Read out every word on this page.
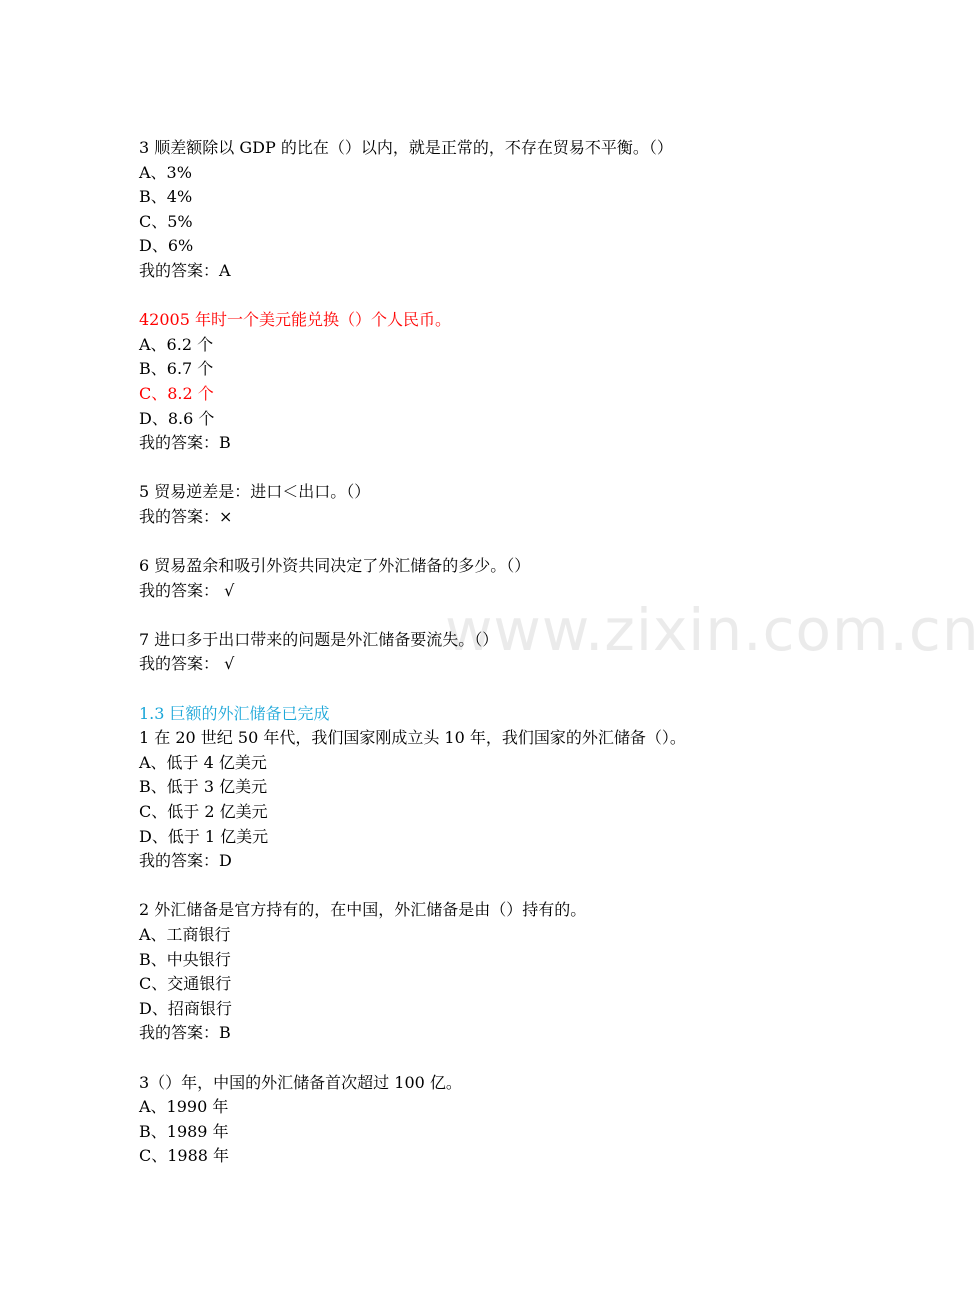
www.zixin.com.cn
3 顺差额除以 GDP 的比在（）以内，就是正常的，不存在贸易不平衡。（）
A、3%
B、4%
C、5%
D、6%
我的答案：A
42005 年时一个美元能兑换（）个人民币。
A、6.2 个
B、6.7 个
C、8.2 个
D、8.6 个
我的答案：B
5 贸易逆差是：进口＜出口。（）
我的答案：×
6 贸易盈余和吸引外资共同决定了外汇储备的多少。（）
我的答案： √
7 进口多于出口带来的问题是外汇储备要流失。（）
我的答案： √
1.3 巨额的外汇储备已完成
1 在 20 世纪 50 年代，我们国家刚成立头 10 年，我们国家的外汇储备（）。
A、低于 4 亿美元
B、低于 3 亿美元
C、低于 2 亿美元
D、低于 1 亿美元
我的答案：D
2 外汇储备是官方持有的，在中国，外汇储备是由（）持有的。
A、工商银行
B、中央银行
C、交通银行
D、招商银行
我的答案：B
3（）年，中国的外汇储备首次超过 100 亿。
A、1990 年
B、1989 年
C、1988 年
